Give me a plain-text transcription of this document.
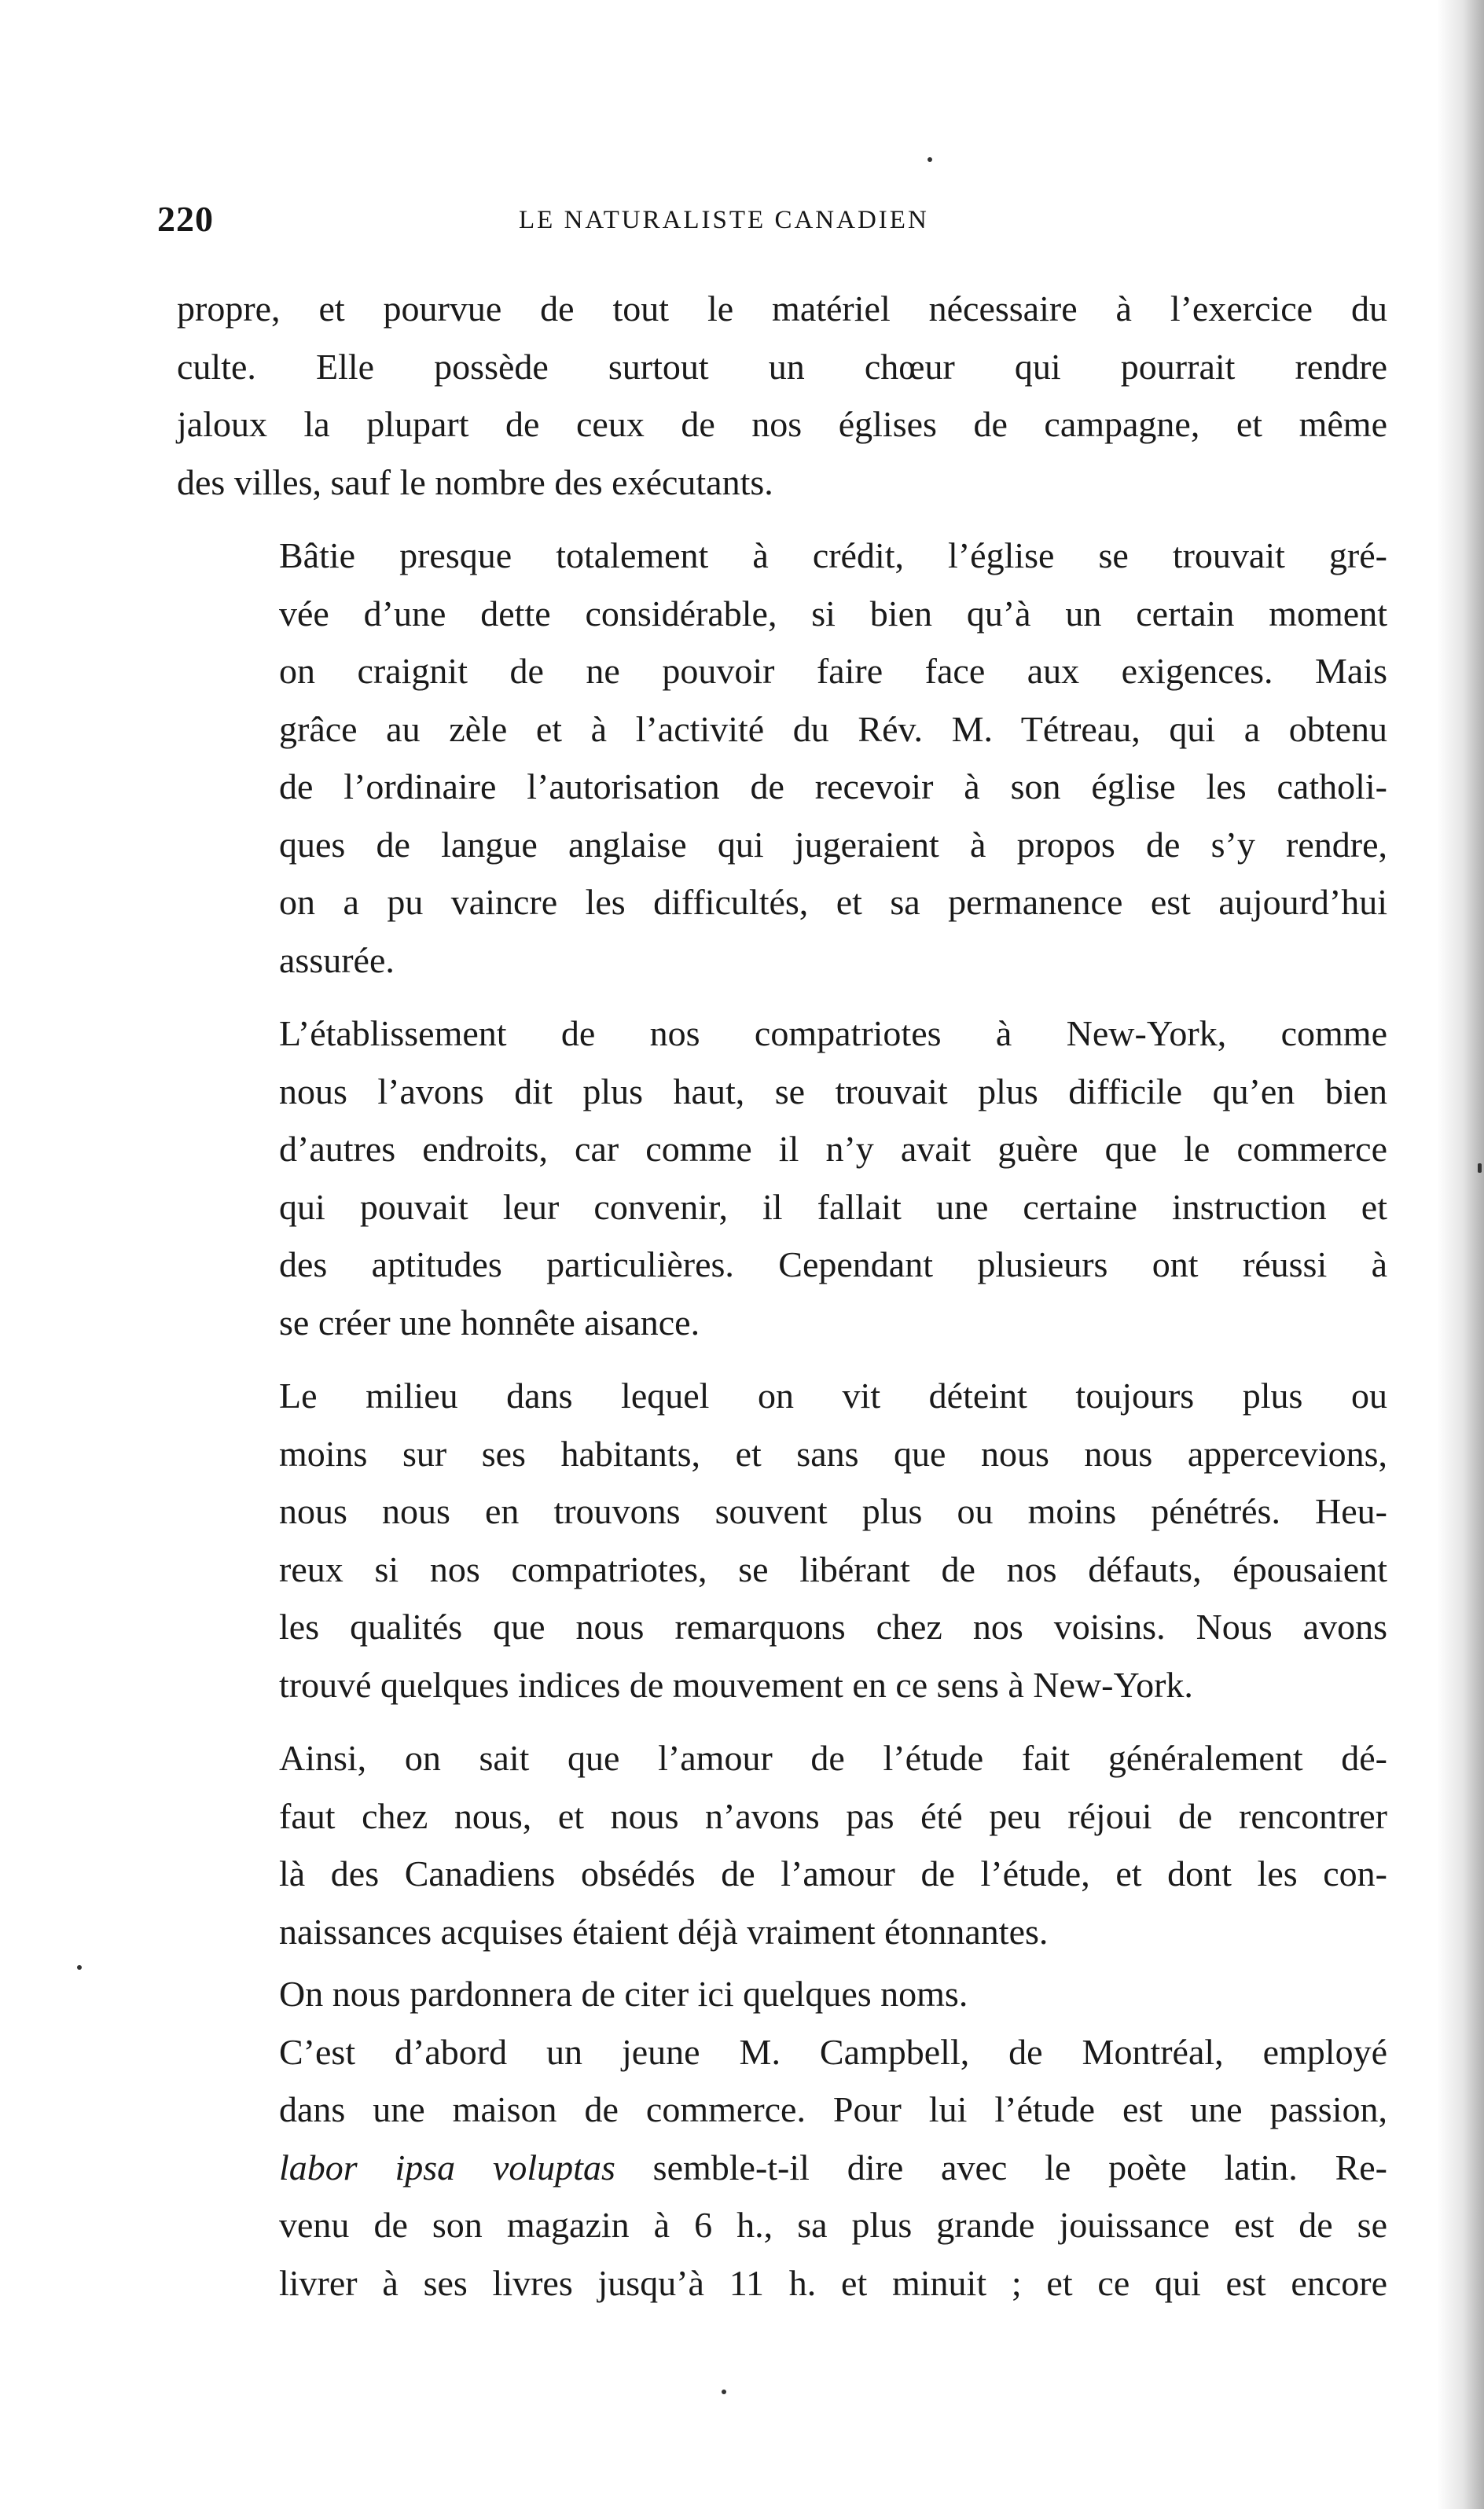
220	LE NATURALISTE CANADIEN

propre, et pourvue de tout le matériel nécessaire à l’exercice du
culte. Elle possède surtout un chœur qui pourrait rendre
jaloux la plupart de ceux de nos églises de campagne, et même
des villes, sauf le nombre des exécutants.

Bâtie presque totalement à crédit, l’église se trouvait gré-
vée d’une dette considérable, si bien qu’à un certain moment
on craignit de ne pouvoir faire face aux exigences. Mais
grâce au zèle et à l’activité du Rév. M. Tétreau, qui a obtenu
de l’ordinaire l’autorisation de recevoir à son église les catholi-
ques de langue anglaise qui jugeraient à propos de s’y rendre,
on a pu vaincre les difficultés, et sa permanence est aujourd’hui
assurée.

L’établissement de nos compatriotes à New-York, comme
nous l’avons dit plus haut, se trouvait plus difficile qu’en bien
d’autres endroits, car comme il n’y avait guère que le commerce
qui pouvait leur convenir, il fallait une certaine instruction et
des aptitudes particulières. Cependant plusieurs ont réussi à
se créer une honnête aisance.

Le milieu dans lequel on vit déteint toujours plus ou
moins sur ses habitants, et sans que nous nous appercevions,
nous nous en trouvons souvent plus ou moins pénétrés. Heu-
reux si nos compatriotes, se libérant de nos défauts, épousaient
les qualités que nous remarquons chez nos voisins. Nous avons
trouvé quelques indices de mouvement en ce sens à New-York.

Ainsi, on sait que l’amour de l’étude fait généralement dé-
faut chez nous, et nous n’avons pas été peu réjoui de rencontrer
là des Canadiens obsédés de l’amour de l’étude, et dont les con-
naissances acquises étaient déjà vraiment étonnantes.

On nous pardonnera de citer ici quelques noms.

C’est d’abord un jeune M. Campbell, de Montréal, employé
dans une maison de commerce. Pour lui l’étude est une passion,
labor ipsa voluptas semble-t-il dire avec le poète latin. Re-
venu de son magazin à 6 h., sa plus grande jouissance est de se
livrer à ses livres jusqu’à 11 h. et minuit ; et ce qui est encore
